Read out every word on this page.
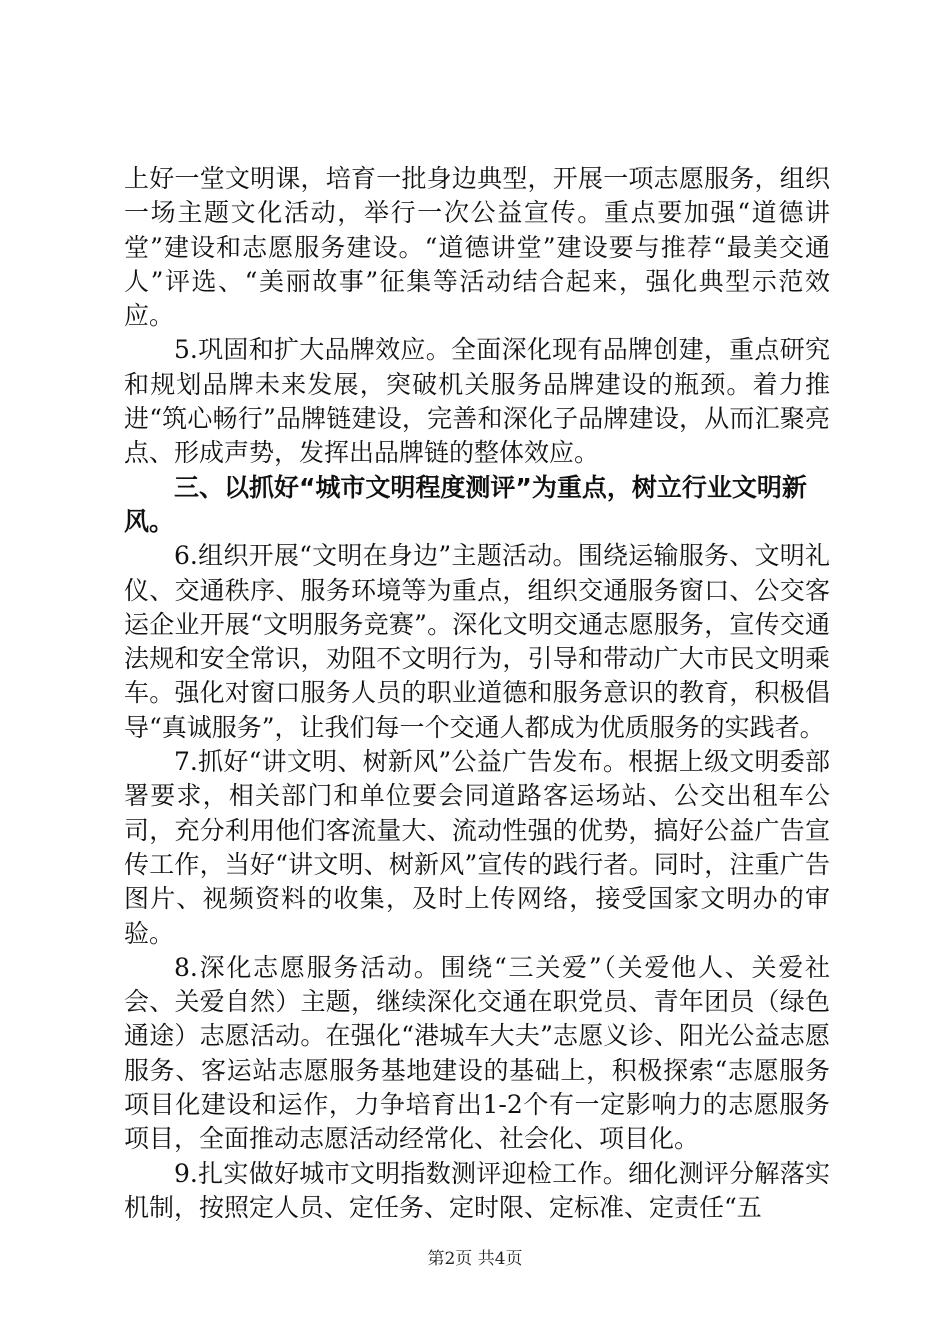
上好一堂文明课，培育一批身边典型，开展一项志愿服务，组织一场主题文化活动，举行一次公益宣传。重点要加强“道德讲堂”建设和志愿服务建设。“道德讲堂”建设要与推荐“最美交通人”评选、“美丽故事”征集等活动结合起来，强化典型示范效应。

5.巩固和扩大品牌效应。全面深化现有品牌创建，重点研究和规划品牌未来发展，突破机关服务品牌建设的瓶颈。着力推进“筑心畅行”品牌链建设，完善和深化子品牌建设，从而汇聚亮点、形成声势，发挥出品牌链的整体效应。

三、以抓好“城市文明程度测评”为重点，树立行业文明新风。

6.组织开展“文明在身边”主题活动。围绕运输服务、文明礼仪、交通秩序、服务环境等为重点，组织交通服务窗口、公交客运企业开展“文明服务竞赛”。深化文明交通志愿服务，宣传交通法规和安全常识，劝阻不文明行为，引导和带动广大市民文明乘车。强化对窗口服务人员的职业道德和服务意识的教育，积极倡导“真诚服务”，让我们每一个交通人都成为优质服务的实践者。

7.抓好“讲文明、树新风”公益广告发布。根据上级文明委部署要求，相关部门和单位要会同道路客运场站、公交出租车公司，充分利用他们客流量大、流动性强的优势，搞好公益广告宣传工作，当好“讲文明、树新风”宣传的践行者。同时，注重广告图片、视频资料的收集，及时上传网络，接受国家文明办的审验。

8.深化志愿服务活动。围绕“三关爱”（关爱他人、关爱社会、关爱自然）主题，继续深化交通在职党员、青年团员（绿色通途）志愿活动。在强化“港城车大夫”志愿义诊、阳光公益志愿服务、客运站志愿服务基地建设的基础上，积极探索“志愿服务项目化建设和运作，力争培育出1-2个有一定影响力的志愿服务项目，全面推动志愿活动经常化、社会化、项目化。

9.扎实做好城市文明指数测评迎检工作。细化测评分解落实机制，按照定人员、定任务、定时限、定标准、定责任“五

第2页 共4页
